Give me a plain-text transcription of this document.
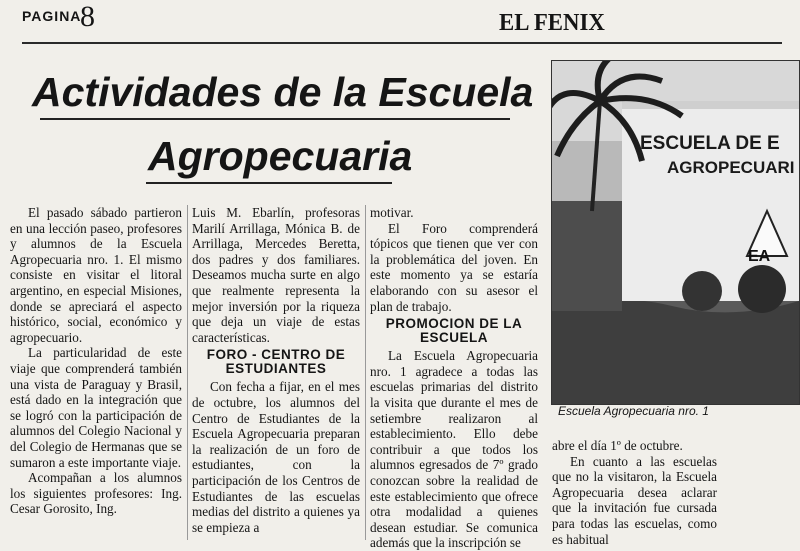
PAGINA
8	EL FENIX
Actividades de la Escuela
Agropecuaria

El pasado sábado partieron en una lección paseo, profesores y alumnos de la Escuela Agropecuaria nro. 1. El mismo consiste en visitar el litoral argentino, en especial Misiones, donde se apreciará el aspecto histórico, social, económico y agropecuario.

La particularidad de este viaje que comprenderá también una vista de Paraguay y Brasil, está dado en la integración que se logró con la participación de alumnos del Colegio Nacional y del Colegio de Hermanas que se sumaron a este importante viaje.

Acompañan a los alumnos los siguientes profesores: Ing. Cesar Gorosito, Ing.

Luis M. Ebarlín, profesoras Marilí Arrillaga, Mónica B. de Arrillaga, Mercedes Beretta, dos padres y dos familiares. Deseamos mucha surte en algo que realmente representa la mejor inversión por la riqueza que deja un viaje de estas características.

FORO - CENTRO DE ESTUDIANTES

Con fecha a fijar, en el mes de octubre, los alumnos del Centro de Estudiantes de la Escuela Agropecuaria preparan la realización de un foro de estudiantes, con la participación de los Centros de Estudiantes de las escuelas medias del distrito a quienes ya se empieza a

motivar.

El Foro comprenderá tópicos que tienen que ver con la problemática del joven. En este momento ya se estaría elaborando con su asesor el plan de trabajo.

PROMOCION DE LA ESCUELA

La Escuela Agropecuaria nro. 1 agradece a todas las escuelas primarias del distrito la visita que durante el mes de setiembre realizaron al establecimiento. Ello debe contribuir a que todos los alumnos egresados de 7º grado conozcan sobre la realidad de este establecimiento que ofrece otra modalidad a quienes desean estudiar. Se comunica además que la inscripción se

ESCUELA DE E
AGROPECUARI
EA
Escuela Agropecuaria nro. 1

abre el día 1º de octubre.

En cuanto a las escuelas que no la visitaron, la Escuela Agropecuaria desea aclarar que la invitación fue cursada para todas las escuelas, como es habitual
